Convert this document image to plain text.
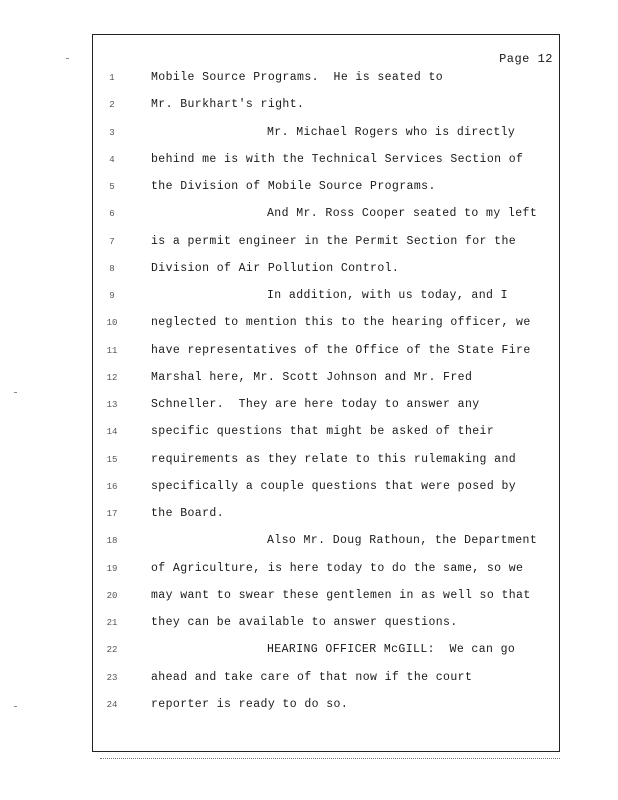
Page 12
1	Mobile Source Programs.  He is seated to
2	Mr. Burkhart's right.
3	Mr. Michael Rogers who is directly
4	behind me is with the Technical Services Section of
5	the Division of Mobile Source Programs.
6	And Mr. Ross Cooper seated to my left
7	is a permit engineer in the Permit Section for the
8	Division of Air Pollution Control.
9	In addition, with us today, and I
10	neglected to mention this to the hearing officer, we
11	have representatives of the Office of the State Fire
12	Marshal here, Mr. Scott Johnson and Mr. Fred
13	Schneller.  They are here today to answer any
14	specific questions that might be asked of their
15	requirements as they relate to this rulemaking and
16	specifically a couple questions that were posed by
17	the Board.
18	Also Mr. Doug Rathoun, the Department
19	of Agriculture, is here today to do the same, so we
20	may want to swear these gentlemen in as well so that
21	they can be available to answer questions.
22	HEARING OFFICER McGILL:  We can go
23	ahead and take care of that now if the court
24	reporter is ready to do so.
